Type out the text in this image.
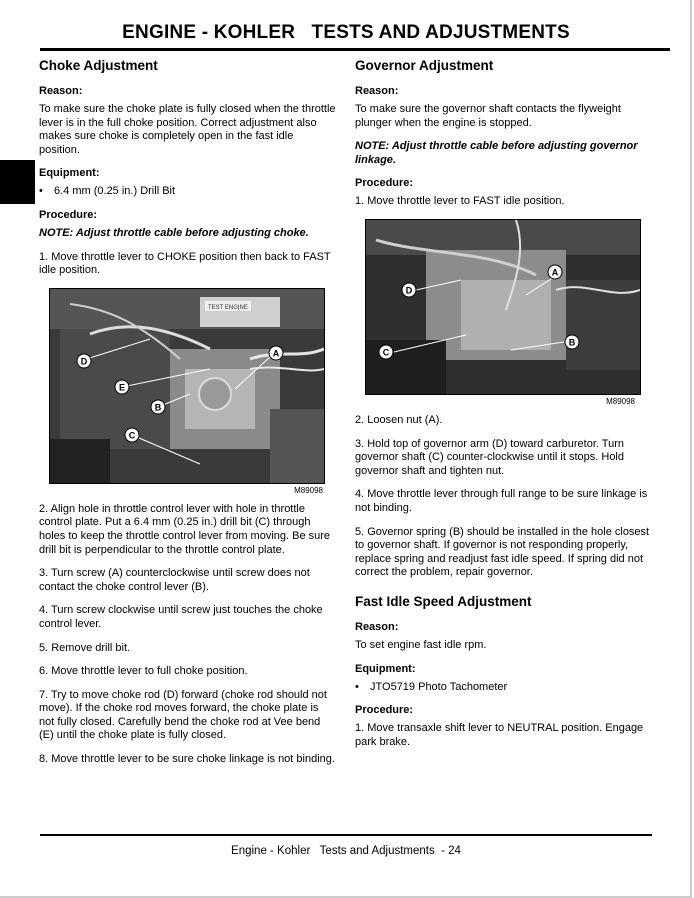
ENGINE - KOHLER   TESTS AND ADJUSTMENTS
Choke Adjustment
Reason:
To make sure the choke plate is fully closed when the throttle lever is in the full choke position. Correct adjustment also makes sure choke is completely open in the fast idle position.
Equipment:
•	6.4 mm (0.25 in.) Drill Bit
Procedure:
NOTE: Adjust throttle cable before adjusting choke.
1. Move throttle lever to CHOKE position then back to FAST idle position.
TEST ENGINE
D
E
B
C
A
M89098
2. Align hole in throttle control lever with hole in throttle control plate. Put a 6.4 mm (0.25 in.) drill bit (C) through holes to keep the throttle control lever from moving. Be sure drill bit is perpendicular to the throttle control plate.
3. Turn screw (A) counterclockwise until screw does not contact the choke control lever (B).
4. Turn screw clockwise until screw just touches the choke control lever.
5. Remove drill bit.
6. Move throttle lever to full choke position.
7. Try to move choke rod (D) forward (choke rod should not move). If the choke rod moves forward, the choke plate is not fully closed. Carefully bend the choke rod at Vee bend (E) until the choke plate is fully closed.
8. Move throttle lever to be sure choke linkage is not binding.
Governor Adjustment
Reason:
To make sure the governor shaft contacts the flyweight plunger when the engine is stopped.
NOTE: Adjust throttle cable before adjusting governor linkage.
Procedure:
1. Move throttle lever to FAST idle position.
D
A
C
B
M89098
2. Loosen nut (A).
3. Hold top of governor arm (D) toward carburetor. Turn governor shaft (C) counter-clockwise until it stops. Hold governor shaft and tighten nut.
4. Move throttle lever through full range to be sure linkage is not binding.
5. Governor spring (B) should be installed in the hole closest to governor shaft. If governor is not responding properly, replace spring and readjust fast idle speed. If spring did not correct the problem, repair governor.
Fast Idle Speed Adjustment
Reason:
To set engine fast idle rpm.
Equipment:
•	JTO5719 Photo Tachometer
Procedure:
1. Move transaxle shift lever to NEUTRAL position. Engage park brake.
Engine - Kohler   Tests and Adjustments  - 24
